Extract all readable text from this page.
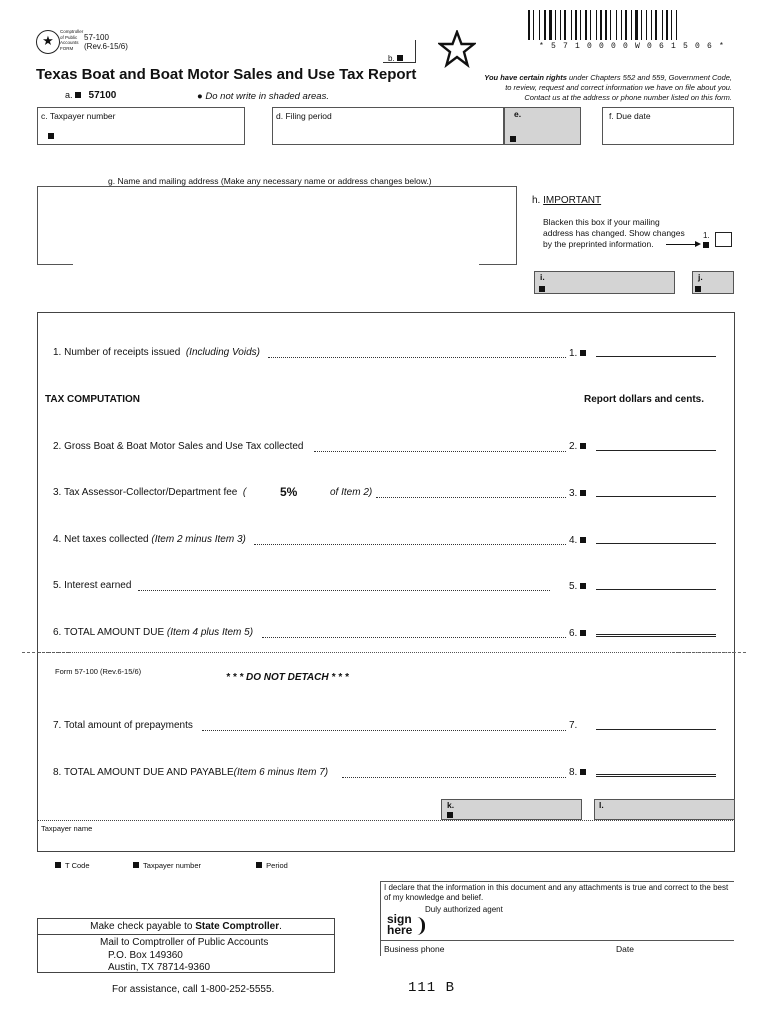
★
Comptroller
of Public
Accounts
FORM
57-100
(Rev.6-15/6)
b.
* 5 7 1 0 0 0 0 W 0 6 1 5 0 6 *
Texas Boat and Boat Motor Sales and Use Tax Report
a. 57100	● Do not write in shaded areas.
You have certain rights under Chapters 552 and 559, Government Code,
to review, request and correct information we have on file about you.
Contact us at the address or phone number listed on this form.
c. Taxpayer number	d. Filing period	e.	f. Due date
g. Name and mailing address (Make any necessary name or address changes below.)
h. IMPORTANT
Blacken this box if your mailing
address has changed. Show changes
by the preprinted information.
1.
i.	j.
1. Number of receipts issued (Including Voids)	1.
TAX COMPUTATION	Report dollars and cents.
2. Gross Boat & Boat Motor Sales and Use Tax collected	2.
3. Tax Assessor-Collector/Department fee (	5%	of Item 2)	3.
4. Net taxes collected (Item 2 minus Item 3)	4.
5. Interest earned	5.
6. TOTAL AMOUNT DUE (Item 4 plus Item 5)	6.
Form 57-100 (Rev.6-15/6)
* * * DO NOT DETACH * * *
7. Total amount of prepayments	7.
8. TOTAL AMOUNT DUE AND PAYABLE(Item 6 minus Item 7)	8.
k.	l.
Taxpayer name
T Code	Taxpayer number	Period
I declare that the information in this document and any attachments is true and correct to the best of my knowledge and belief.
Duly authorized agent
sign
here
Business phone	Date
Make check payable to State Comptroller.
Mail to Comptroller of Public Accounts
P.O. Box 149360
Austin, TX 78714-9360
For assistance, call 1-800-252-5555.	111 B
